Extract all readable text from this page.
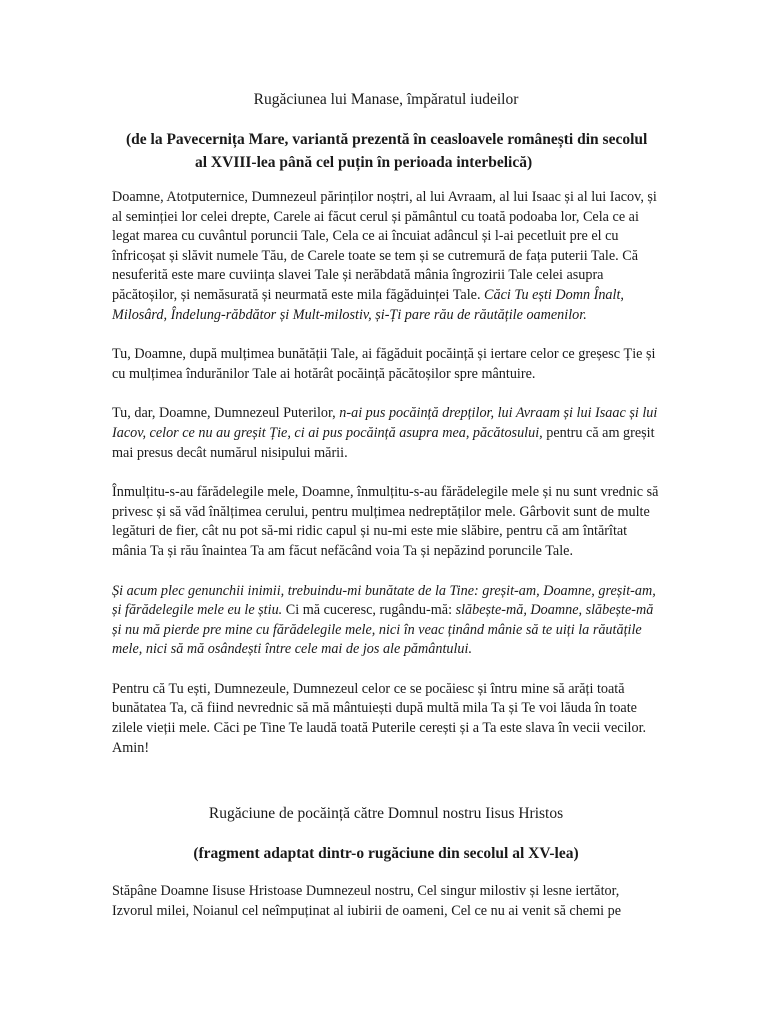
Rugăciunea lui Manase, împăratul iudeilor
(de la Pavecernița Mare, variantă prezentă în ceasloavele românești din secolul al XVIII-lea până cel puțin în perioada interbelică)

Doamne, Atotputernice, Dumnezeul părinților noștri, al lui Avraam, al lui Isaac și al lui Iacov, și al seminției lor celei drepte, Carele ai făcut cerul și pământul cu toată podoaba lor, Cela ce ai legat marea cu cuvântul poruncii Tale, Cela ce ai încuiat adâncul și l-ai pecetluit pre el cu înfricoșat și slăvit numele Tău, de Carele toate se tem și se cutremură de fața puterii Tale. Că nesuferită este mare cuviința slavei Tale și nerăbdată mânia îngrozirii Tale celei asupra păcătoșilor, și nemăsurată și neurmată este mila făgăduinței Tale. Căci Tu ești Domn Înalt, Milosârd, Îndelung-răbdător și Mult-milostiv, și-Ți pare rău de răutățile oamenilor.

Tu, Doamne, după mulțimea bunătății Tale, ai făgăduit pocăință și iertare celor ce greșesc Ție și cu mulțimea îndurănilor Tale ai hotărât pocăință păcătoșilor spre mântuire.

Tu, dar, Doamne, Dumnezeul Puterilor, n-ai pus pocăință drepților, lui Avraam și lui Isaac și lui Iacov, celor ce nu au greșit Ție, ci ai pus pocăință asupra mea, păcătosului, pentru că am greșit mai presus decât numărul nisipului mării.

Înmulțitu-s-au fărădelegile mele, Doamne, înmulțitu-s-au fărădelegile mele și nu sunt vrednic să privesc și să văd înălțimea cerului, pentru mulțimea nedreptăților mele. Gârbovit sunt de multe legături de fier, cât nu pot să-mi ridic capul și nu-mi este mie slăbire, pentru că am întărîtat mânia Ta și rău înaintea Ta am făcut nefăcând voia Ta și nepăzind poruncile Tale.

Și acum plec genunchii inimii, trebuindu-mi bunătate de la Tine: greșit-am, Doamne, greșit-am, și fărădelegile mele eu le știu. Ci mă cuceresc, rugându-mă: slăbește-mă, Doamne, slăbește-mă și nu mă pierde pre mine cu fărădelegile mele, nici în veac ținând mânie să te uiți la răutățile mele, nici să mă osândești între cele mai de jos ale pământului.

Pentru că Tu ești, Dumnezeule, Dumnezeul celor ce se pocăiesc și întru mine să arăți toată bunătatea Ta, că fiind nevrednic să mă mântuiești după multă mila Ta și Te voi lăuda în toate zilele vieții mele. Căci pe Tine Te laudă toată Puterile cerești și a Ta este slava în vecii vecilor. Amin!

Rugăciune de pocăință către Domnul nostru Iisus Hristos
(fragment adaptat dintr-o rugăciune din secolul al XV-lea)

Stăpâne Doamne Iisuse Hristoase Dumnezeul nostru, Cel singur milostiv și lesne iertător, Izvorul milei, Noianul cel neîmpuținat al iubirii de oameni, Cel ce nu ai venit să chemi pe
